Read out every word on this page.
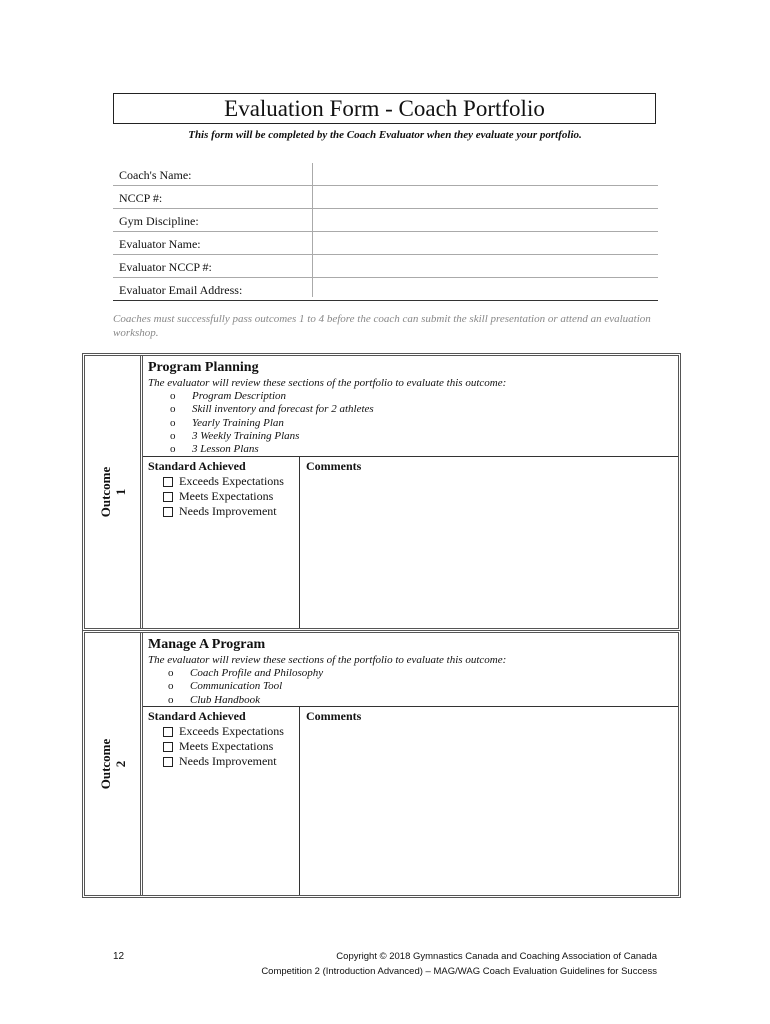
Evaluation Form - Coach Portfolio
This form will be completed by the Coach Evaluator when they evaluate your portfolio.
Coach's Name:
NCCP #:
Gym Discipline:
Evaluator Name:
Evaluator NCCP #:
Evaluator Email Address:
Coaches must successfully pass outcomes 1 to 4 before the coach can submit the skill presentation or attend an evaluation workshop.
Outcome 1
Program Planning
The evaluator will review these sections of the portfolio to evaluate this outcome:
o Program Description
o Skill inventory and forecast for 2 athletes
o Yearly Training Plan
o 3 Weekly Training Plans
o 3 Lesson Plans
Standard Achieved	Comments
Exceeds Expectations
Meets Expectations
Needs Improvement
Outcome 2
Manage A Program
The evaluator will review these sections of the portfolio to evaluate this outcome:
o Coach Profile and Philosophy
o Communication Tool
o Club Handbook
Standard Achieved	Comments
Exceeds Expectations
Meets Expectations
Needs Improvement
12	Copyright © 2018 Gymnastics Canada and Coaching Association of Canada
Competition 2 (Introduction Advanced) – MAG/WAG Coach Evaluation Guidelines for Success
